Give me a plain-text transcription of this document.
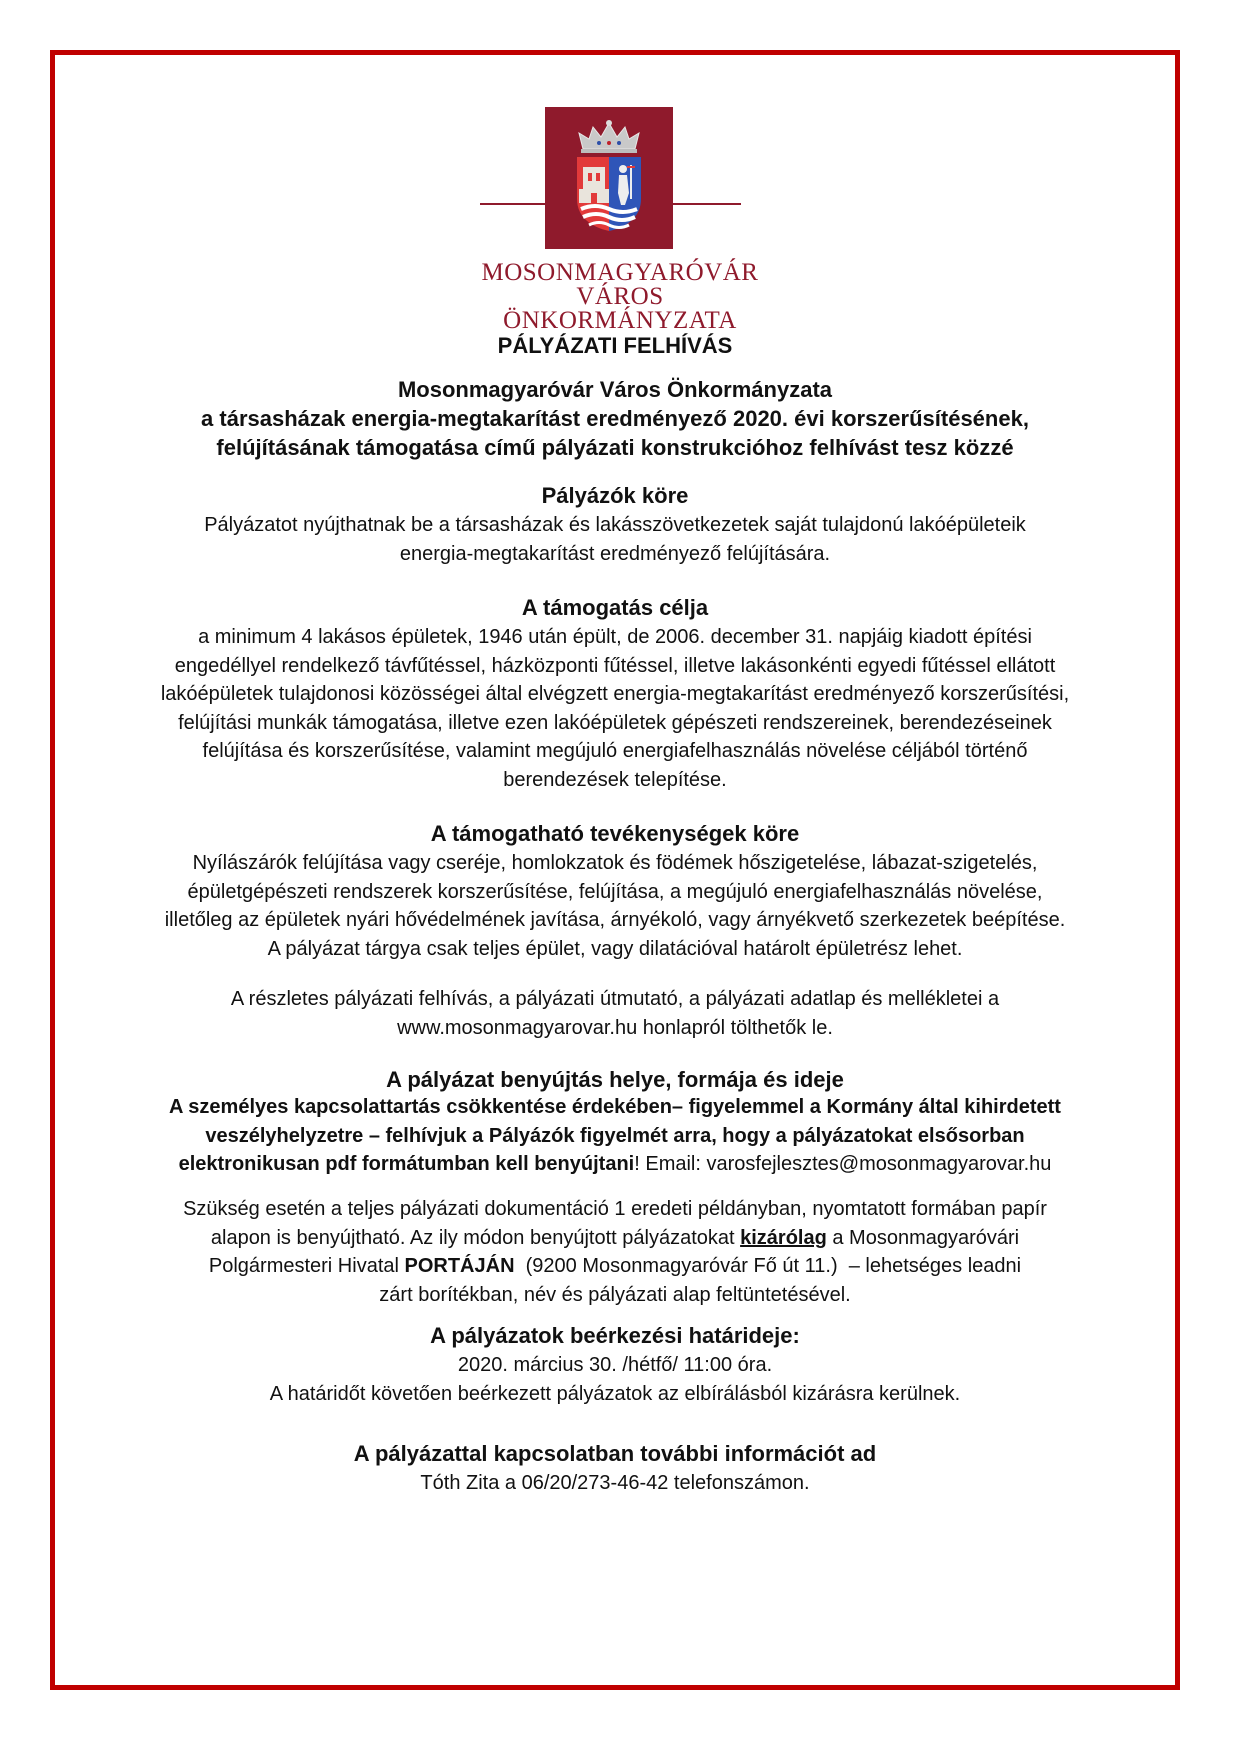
MOSONMAGYARÓVÁR
VÁROS
ÖNKORMÁNYZATA
PÁLYÁZATI FELHÍVÁS
Mosonmagyaróvár Város Önkormányzata
a társasházak energia-megtakarítást eredményező 2020. évi korszerűsítésének,
felújításának támogatása című pályázati konstrukcióhoz felhívást tesz közzé
Pályázók köre
Pályázatot nyújthatnak be a társasházak és lakásszövetkezetek saját tulajdonú lakóépületeik
energia-megtakarítást eredményező felújítására.
A támogatás célja
a minimum 4 lakásos épületek, 1946 után épült, de 2006. december 31. napjáig kiadott építési
engedéllyel rendelkező távfűtéssel, házközponti fűtéssel, illetve lakásonkénti egyedi fűtéssel ellátott
lakóépületek tulajdonosi közösségei által elvégzett energia-megtakarítást eredményező korszerűsítési,
felújítási munkák támogatása, illetve ezen lakóépületek gépészeti rendszereinek, berendezéseinek
felújítása és korszerűsítése, valamint megújuló energiafelhasználás növelése céljából történő
berendezések telepítése.
A támogatható tevékenységek köre
Nyílászárók felújítása vagy cseréje, homlokzatok és födémek hőszigetelése, lábazat-szigetelés,
épületgépészeti rendszerek korszerűsítése, felújítása, a megújuló energiafelhasználás növelése,
illetőleg az épületek nyári hővédelmének javítása, árnyékoló, vagy árnyékvető szerkezetek beépítése.
A pályázat tárgya csak teljes épület, vagy dilatációval határolt épületrész lehet.
A részletes pályázati felhívás, a pályázati útmutató, a pályázati adatlap és mellékletei a
www.mosonmagyarovar.hu honlapról tölthetők le.
A pályázat benyújtás helye, formája és ideje
A személyes kapcsolattartás csökkentése érdekében– figyelemmel a Kormány által kihirdetett
veszélyhelyzetre – felhívjuk a Pályázók figyelmét arra, hogy a pályázatokat elsősorban
elektronikusan pdf formátumban kell benyújtani! Email: varosfejlesztes@mosonmagyarovar.hu
Szükség esetén a teljes pályázati dokumentáció 1 eredeti példányban, nyomtatott formában papír
alapon is benyújtható. Az ily módon benyújtott pályázatokat kizárólag a Mosonmagyaróvári
Polgármesteri Hivatal PORTÁJÁN  (9200 Mosonmagyaróvár Fő út 11.)  – lehetséges leadni
zárt borítékban, név és pályázati alap feltüntetésével.
A pályázatok beérkezési határideje:
2020. március 30. /hétfő/ 11:00 óra.
A határidőt követően beérkezett pályázatok az elbírálásból kizárásra kerülnek.
A pályázattal kapcsolatban további információt ad
Tóth Zita a 06/20/273-46-42 telefonszámon.
